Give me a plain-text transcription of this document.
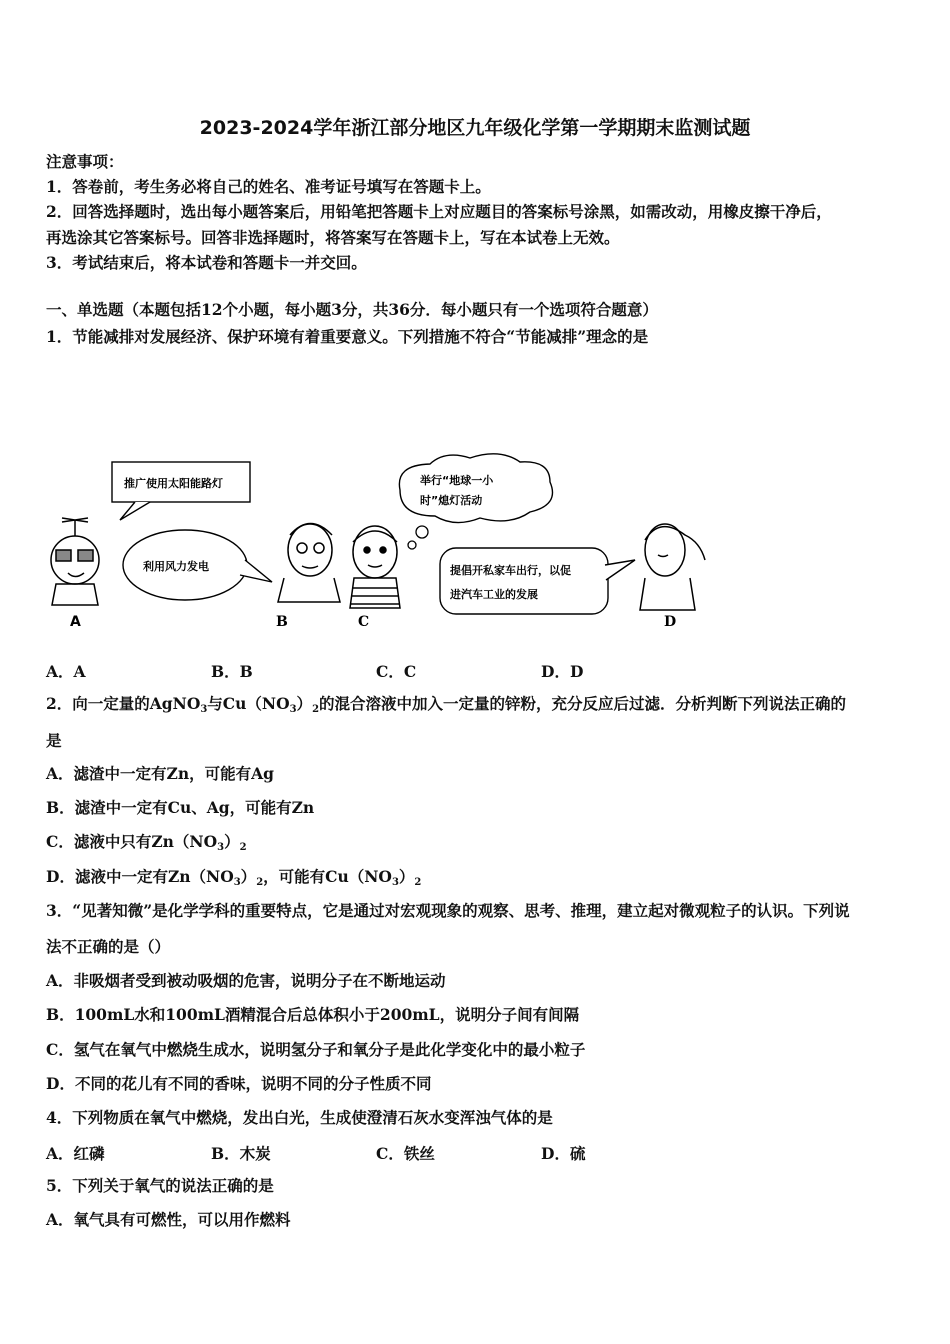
2023-2024学年浙江部分地区九年级化学第一学期期末监测试题
注意事项：
1．答卷前，考生务必将自己的姓名、准考证号填写在答题卡上。
2．回答选择题时，选出每小题答案后，用铅笔把答题卡上对应题目的答案标号涂黑，如需改动，用橡皮擦干净后，
再选涂其它答案标号。回答非选择题时，将答案写在答题卡上，写在本试卷上无效。
3．考试结束后，将本试卷和答题卡一并交回。
一、单选题（本题包括12个小题，每小题3分，共36分．每小题只有一个选项符合题意）
1．节能减排对发展经济、保护环境有着重要意义。下列措施不符合“节能减排”理念的是
推广使用太阳能路灯
利用风力发电
举行“地球一小
时”熄灯活动
提倡开私家车出行，以促
进汽车工业的发展
A	B	C	D
A．A	B．B	C．C	D．D
2．向一定量的AgNO$_3$与$Cu(NO_3)_2$的混合溶液中加入一定量的锌粉，充分反应后过滤．分析判断下列说法正确的
是
A．滤渣中一定有Zn，可能有Ag
B．滤渣中一定有Cu、Ag，可能有Zn
C．滤液中只有$Zn(NO_3)_2$
D．滤液中一定有$Zn(NO_3)_2$，可能有$Cu(NO_3)_2$
3．“见著知微”是化学学科的重要特点，它是通过对宏观现象的观察、思考、推理，建立起对微观粒子的认识。下列说
法不正确的是（）
A．非吸烟者受到被动吸烟的危害，说明分子在不断地运动
B．100mL水和100mL酒精混合后总体积小于200mL，说明分子间有间隔
C．氢气在氧气中燃烧生成水，说明氢分子和氧分子是此化学变化中的最小粒子
D．不同的花儿有不同的香味，说明不同的分子性质不同
4．下列物质在氧气中燃烧，发出白光，生成使澄清石灰水变浑浊气体的是
A．红磷	B．木炭	C．铁丝	D．硫
5．下列关于氧气的说法正确的是
A．氧气具有可燃性，可以用作燃料
